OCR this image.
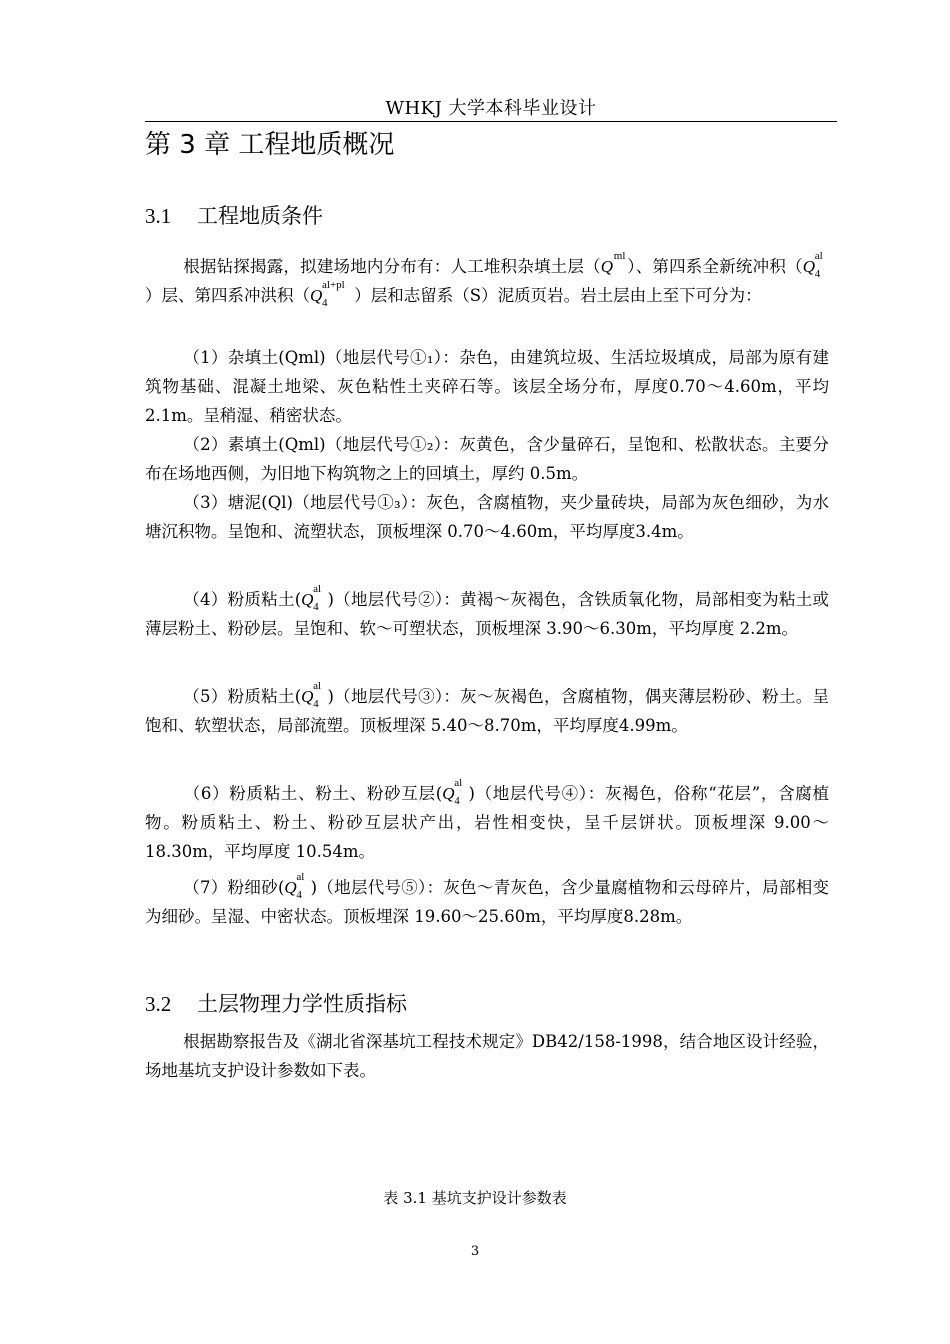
WHKJ 大学本科毕业设计
第 3 章 工程地质概况
3.1 工程地质条件
根据钻探揭露，拟建场地内分布有：人工堆积杂填土层（Q
ml
）、第四系全新统冲积（Q
al
4
）层、第四系冲洪积（Q
al+pl
4 ）层和志留系（S）泥质页岩。岩土层由上至下可分为：
（1）杂填土(Qml)（地层代号①₁）：杂色，由建筑垃圾、生活垃圾填成，局部为原有建筑物基础、混凝土地梁、灰色粘性土夹碎石等。该层全场分布，厚度0.70～4.60m，平均 2.1m。呈稍湿、稍密状态。
（2）素填土(Qml)（地层代号①₂）：灰黄色，含少量碎石，呈饱和、松散状态。主要分布在场地西侧，为旧地下构筑物之上的回填土，厚约 0.5m。
（3）塘泥(Ql)（地层代号①₃）：灰色，含腐植物，夹少量砖块，局部为灰色细砂，为水塘沉积物。呈饱和、流塑状态，顶板埋深 0.70～4.60m，平均厚度3.4m。
（4）粉质粘土(Q
al
4 )（地层代号②）：黄褐～灰褐色，含铁质氧化物，局部相变为粘土或薄层粉土、粉砂层。呈饱和、软～可塑状态，顶板埋深 3.90～6.30m，平均厚度 2.2m。
（5）粉质粘土(Q
al
4 )（地层代号③）：灰～灰褐色，含腐植物，偶夹薄层粉砂、粉土。呈饱和、软塑状态，局部流塑。顶板埋深 5.40～8.70m，平均厚度4.99m。
（6）粉质粘土、粉土、粉砂互层(Q
al
4 )（地层代号④）：灰褐色，俗称“花层”，含腐植物。粉质粘土、粉土、粉砂互层状产出，岩性相变快，呈千层饼状。顶板埋深 9.00～18.30m，平均厚度 10.54m。
（7）粉细砂(Q
al
4 )（地层代号⑤）：灰色～青灰色，含少量腐植物和云母碎片，局部相变为细砂。呈湿、中密状态。顶板埋深 19.60～25.60m，平均厚度8.28m。
3.2 土层物理力学性质指标
根据勘察报告及《湖北省深基坑工程技术规定》DB42/158-1998，结合地区设计经验，场地基坑支护设计参数如下表。
表 3.1 基坑支护设计参数表
3
